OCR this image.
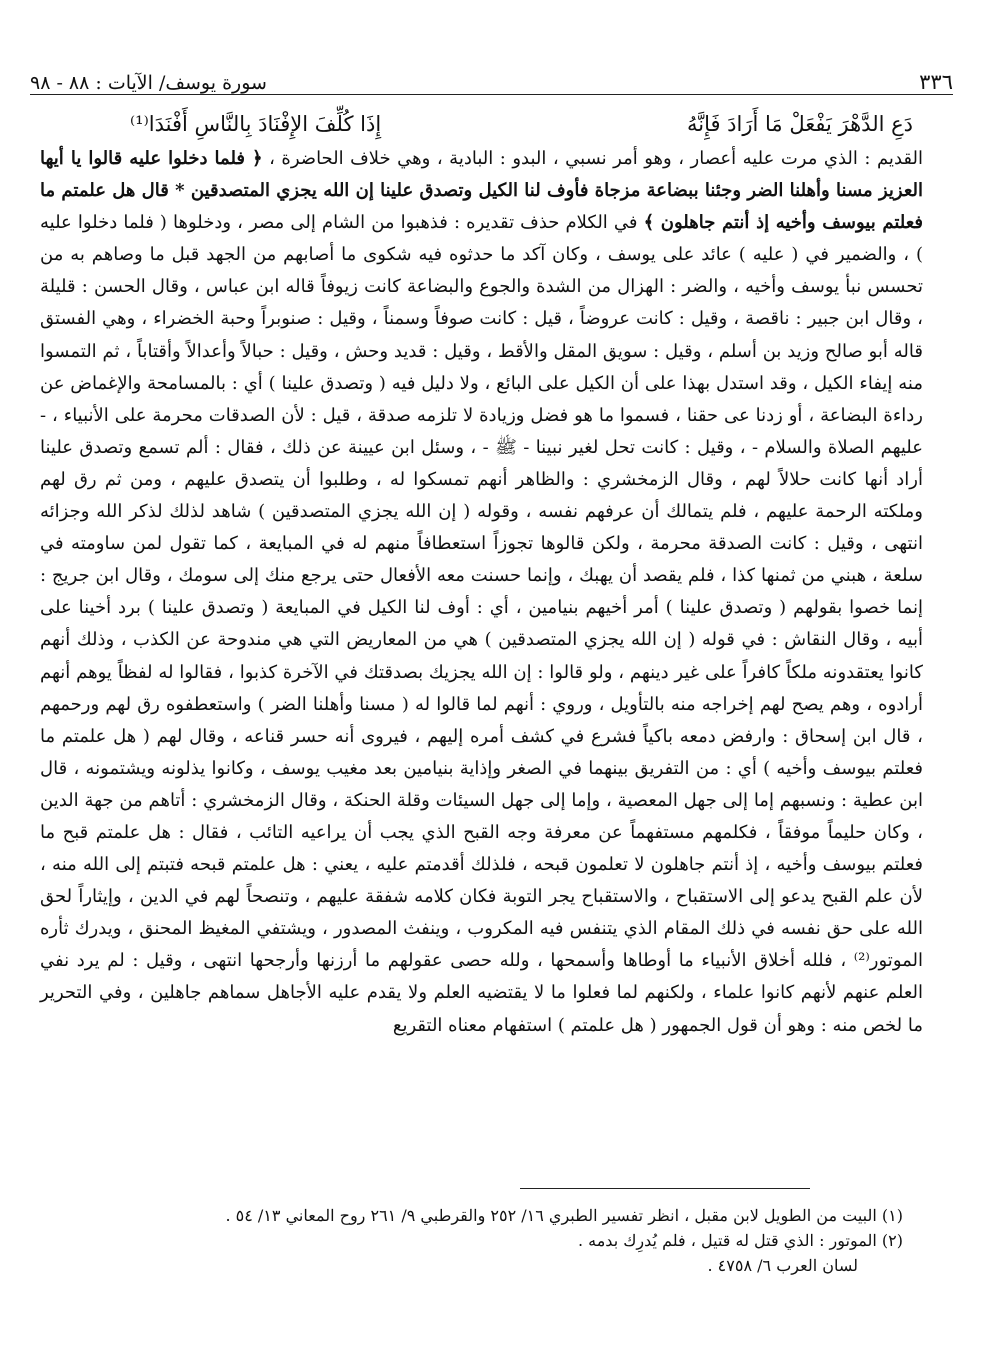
٣٣٦
سورة يوسف/ الآيات : ٨٨ - ٩٨
دَعِ الدَّهْرَ يَفْعَلْ مَا أَرَادَ فَإِنَّهُ
إِذَا كُلِّفَ الإِفْنَادَ بِالنَّاسِ أَفْنَدَا⁽¹⁾

القديم : الذي مرت عليه أعصار ، وهو أمر نسبي ، البدو : البادية ، وهي خلاف الحاضرة ، ﴿ فلما دخلوا عليه قالوا يا أيها العزيز مسنا وأهلنا الضر وجئنا ببضاعة مزجاة فأوف لنا الكيل وتصدق علينا إن الله يجزي المتصدقين * قال هل علمتم ما فعلتم بيوسف وأخيه إذ أنتم جاهلون ﴾ في الكلام حذف تقديره : فذهبوا من الشام إلى مصر ، ودخلوها ( فلما دخلوا عليه ) ، والضمير في ( عليه ) عائد على يوسف ، وكان آكد ما حدثوه فيه شكوى ما أصابهم من الجهد قبل ما وصاهم به من تحسس نبأ يوسف وأخيه ، والضر : الهزال من الشدة والجوع والبضاعة كانت زيوفاً قاله ابن عباس ، وقال الحسن : قليلة ، وقال ابن جبير : ناقصة ، وقيل : كانت عروضاً ، قيل : كانت صوفاً وسمناً ، وقيل : صنوبراً وحبة الخضراء ، وهي الفستق قاله أبو صالح وزيد بن أسلم ، وقيل : سويق المقل والأقط ، وقيل : قديد وحش ، وقيل : حبالاً وأعدالاً وأقتاباً ، ثم التمسوا منه إيفاء الكيل ، وقد استدل بهذا على أن الكيل على البائع ، ولا دليل فيه ( وتصدق علينا ) أي : بالمسامحة والإغماض عن رداءة البضاعة ، أو زدنا عى حقنا ، فسموا ما هو فضل وزيادة لا تلزمه صدقة ، قيل : لأن الصدقات محرمة على الأنبياء ، - عليهم الصلاة والسلام - ، وقيل : كانت تحل لغير نبينا - ﷺ - ، وسئل ابن عيينة عن ذلك ، فقال : ألم تسمع وتصدق علينا أراد أنها كانت حلالاً لهم ، وقال الزمخشري : والظاهر أنهم تمسكوا له ، وطلبوا أن يتصدق عليهم ، ومن ثم رق لهم وملكته الرحمة عليهم ، فلم يتمالك أن عرفهم نفسه ، وقوله ( إن الله يجزي المتصدقين ) شاهد لذلك لذكر الله وجزائه انتهى ، وقيل : كانت الصدقة محرمة ، ولكن قالوها تجوزاً استعطافاً منهم له في المبايعة ، كما تقول لمن ساومته في سلعة ، هبني من ثمنها كذا ، فلم يقصد أن يهبك ، وإنما حسنت معه الأفعال حتى يرجع منك إلى سومك ، وقال ابن جريج : إنما خصوا بقولهم ( وتصدق علينا ) أمر أخيهم بنيامين ، أي : أوف لنا الكيل في المبايعة ( وتصدق علينا ) برد أخينا على أبيه ، وقال النقاش : في قوله ( إن الله يجزي المتصدقين ) هي من المعاريض التي هي مندوحة عن الكذب ، وذلك أنهم كانوا يعتقدونه ملكاً كافراً على غير دينهم ، ولو قالوا : إن الله يجزيك بصدقتك في الآخرة كذبوا ، فقالوا له لفظاً يوهم أنهم أرادوه ، وهم يصح لهم إخراجه منه بالتأويل ، وروي : أنهم لما قالوا له ( مسنا وأهلنا الضر ) واستعطفوه رق لهم ورحمهم ، قال ابن إسحاق : وارفض دمعه باكياً فشرع في كشف أمره إليهم ، فيروى أنه حسر قناعه ، وقال لهم ( هل علمتم ما فعلتم بيوسف وأخيه ) أي : من التفريق بينهما في الصغر وإذاية بنيامين بعد مغيب يوسف ، وكانوا يذلونه ويشتمونه ، قال ابن عطية : ونسبهم إما إلى جهل المعصية ، وإما إلى جهل السيئات وقلة الحنكة ، وقال الزمخشري : أتاهم من جهة الدين ، وكان حليماً موفقاً ، فكلمهم مستفهماً عن معرفة وجه القبح الذي يجب أن يراعيه التائب ، فقال : هل علمتم قبح ما فعلتم بيوسف وأخيه ، إذ أنتم جاهلون لا تعلمون قبحه ، فلذلك أقدمتم عليه ، يعني : هل علمتم قبحه فتبتم إلى الله منه ، لأن علم القبح يدعو إلى الاستقباح ، والاستقباح يجر التوبة فكان كلامه شفقة عليهم ، وتنصحاً لهم في الدين ، وإيثاراً لحق الله على حق نفسه في ذلك المقام الذي يتنفس فيه المكروب ، وينفث المصدور ، ويشتفي المغيظ المحنق ، ويدرك ثأره الموتور⁽²⁾ ، فلله أخلاق الأنبياء ما أوطاها وأسمحها ، ولله حصى عقولهم ما أرزنها وأرجحها انتهى ، وقيل : لم يرد نفي العلم عنهم لأنهم كانوا علماء ، ولكنهم لما فعلوا ما لا يقتضيه العلم ولا يقدم عليه الأجاهل سماهم جاهلين ، وفي التحرير ما لخص منه : وهو أن قول الجمهور ( هل علمتم ) استفهام معناه التقريع

(١) البيت من الطويل لابن مقبل ، انظر تفسير الطبري ١٦/ ٢٥٢ والقرطبي ٩/ ٢٦١ روح المعاني ١٣/ ٥٤ .
(٢) الموتور : الذي قتل له قتيل ، فلم يُدرِك بدمه .
لسان العرب ٦/ ٤٧٥٨ .
